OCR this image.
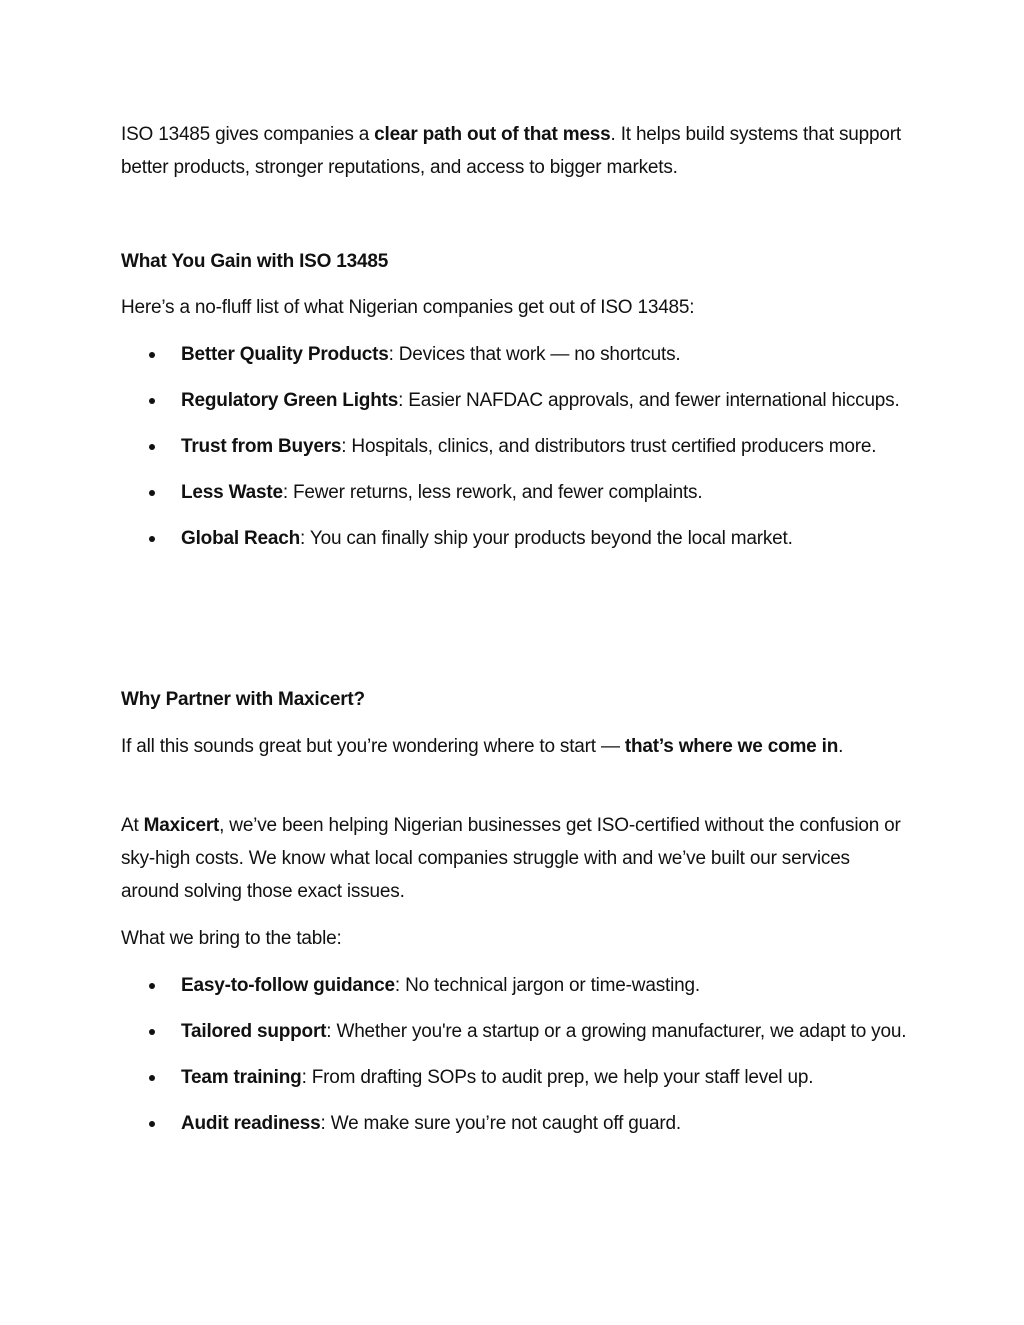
ISO 13485 gives companies a clear path out of that mess. It helps build systems that support better products, stronger reputations, and access to bigger markets.

What You Gain with ISO 13485

Here’s a no-fluff list of what Nigerian companies get out of ISO 13485:

Better Quality Products: Devices that work — no shortcuts.
Regulatory Green Lights: Easier NAFDAC approvals, and fewer international hiccups.
Trust from Buyers: Hospitals, clinics, and distributors trust certified producers more.
Less Waste: Fewer returns, less rework, and fewer complaints.
Global Reach: You can finally ship your products beyond the local market.
Why Partner with Maxicert?

If all this sounds great but you’re wondering where to start — that’s where we come in.

At Maxicert, we’ve been helping Nigerian businesses get ISO-certified without the confusion or sky-high costs. We know what local companies struggle with and we’ve built our services around solving those exact issues.

What we bring to the table:

Easy-to-follow guidance: No technical jargon or time-wasting.
Tailored support: Whether you're a startup or a growing manufacturer, we adapt to you.
Team training: From drafting SOPs to audit prep, we help your staff level up.
Audit readiness: We make sure you’re not caught off guard.
